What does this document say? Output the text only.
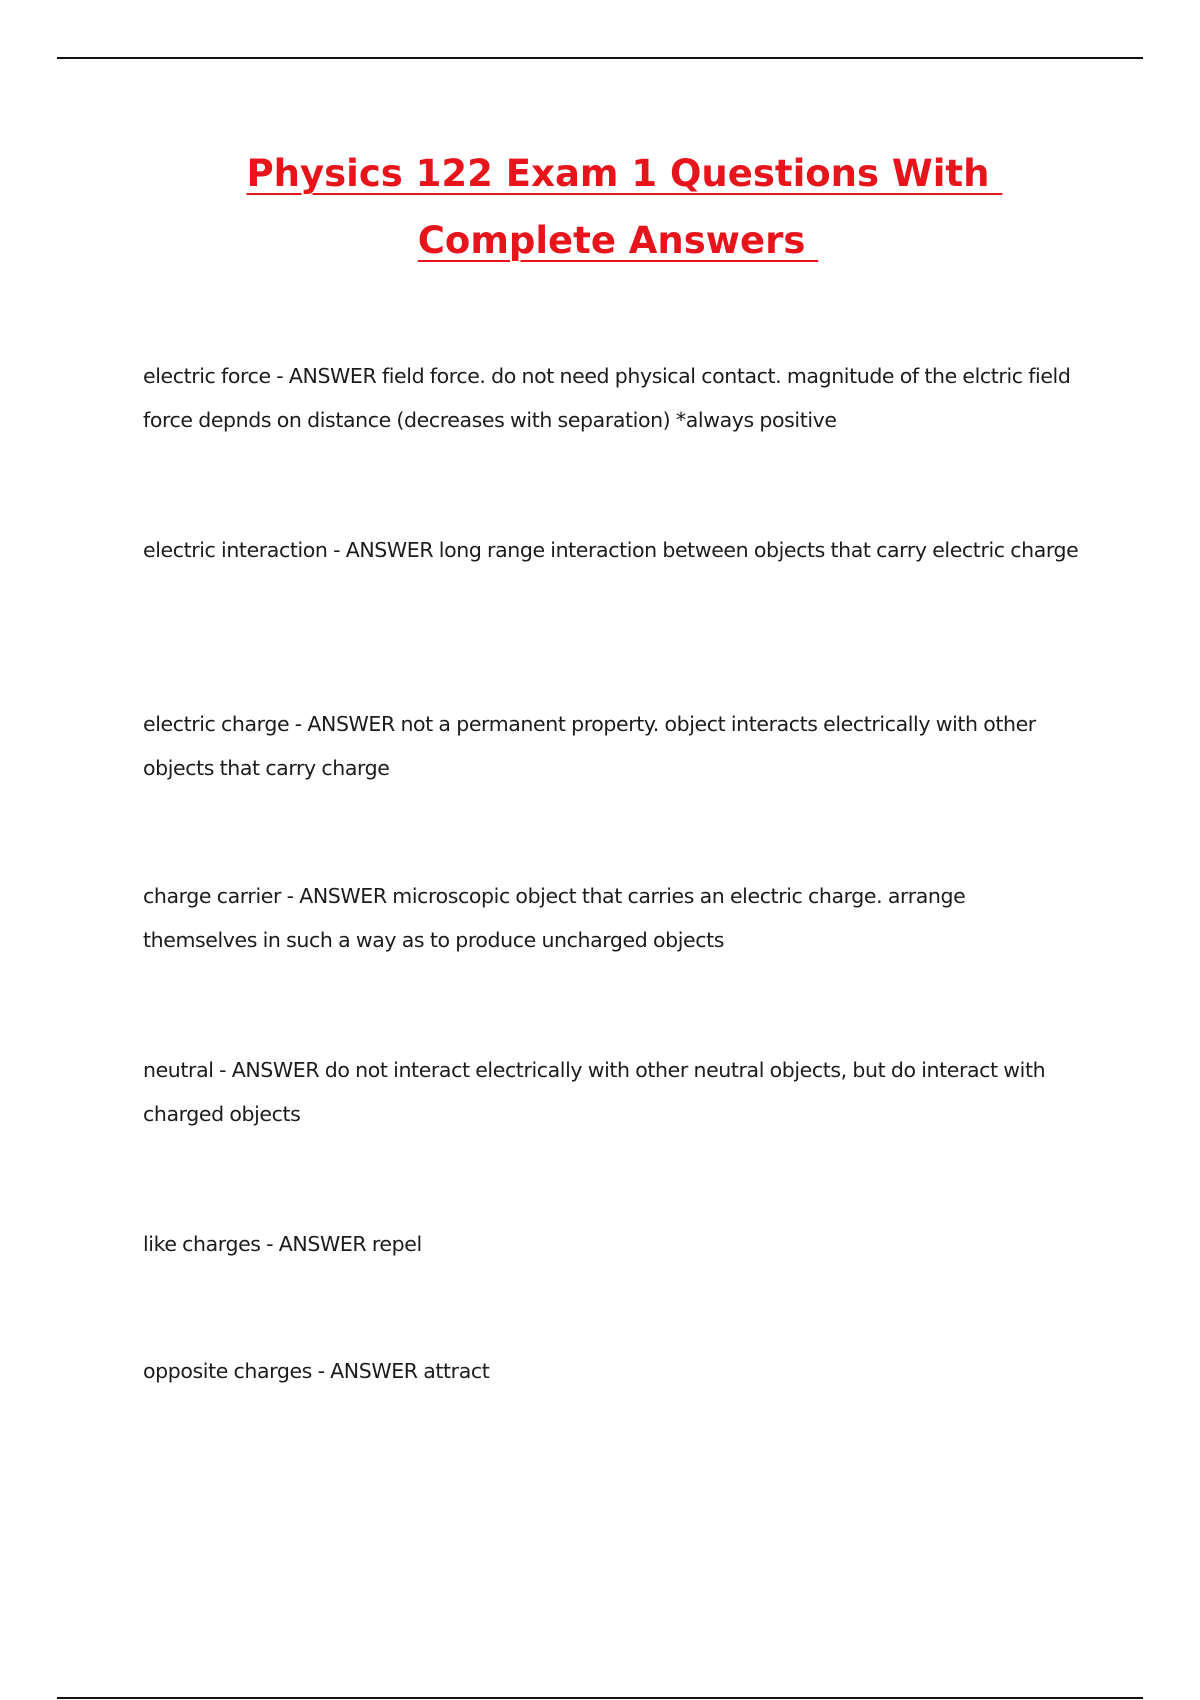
Physics 122 Exam 1 Questions With Complete Answers

electric force - ANSWER field force. do not need physical contact. magnitude of the elctric field force depnds on distance (decreases with separation) *always positive

electric interaction - ANSWER long range interaction between objects that carry electric charge

electric charge - ANSWER not a permanent property. object interacts electrically with other objects that carry charge

charge carrier - ANSWER microscopic object that carries an electric charge. arrange themselves in such a way as to produce uncharged objects

neutral - ANSWER do not interact electrically with other neutral objects, but do interact with charged objects

like charges - ANSWER repel

opposite charges - ANSWER attract
